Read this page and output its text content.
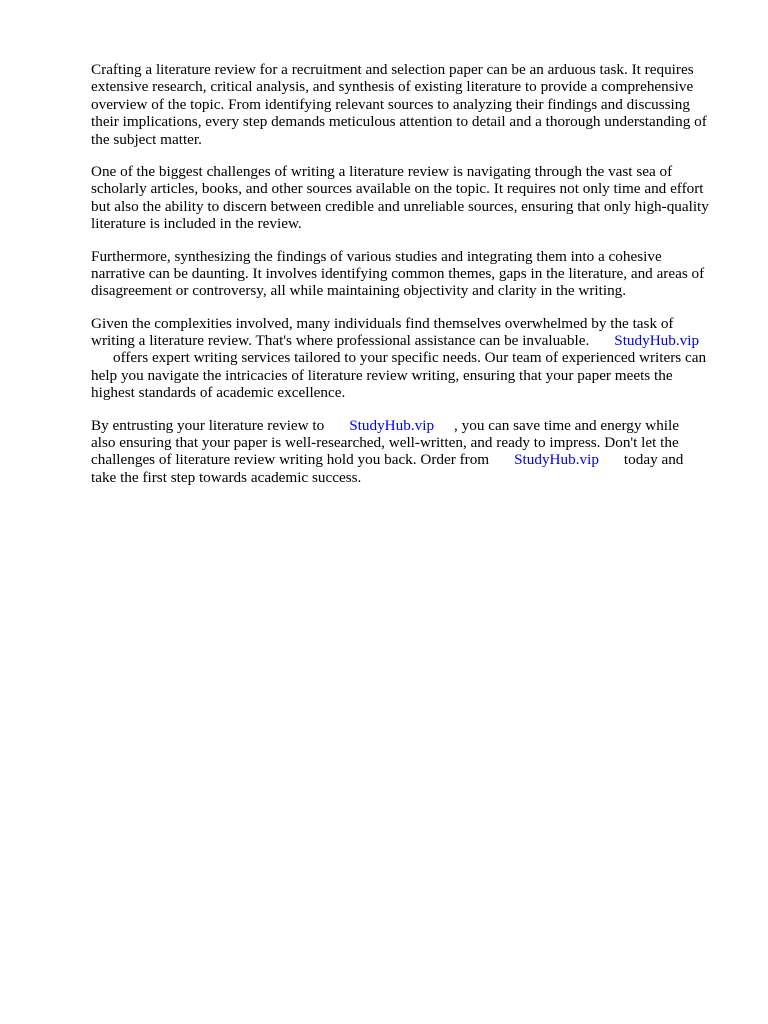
Crafting a literature review for a recruitment and selection paper can be an arduous task. It requires
extensive research, critical analysis, and synthesis of existing literature to provide a comprehensive
overview of the topic. From identifying relevant sources to analyzing their findings and discussing
their implications, every step demands meticulous attention to detail and a thorough understanding of
the subject matter.

One of the biggest challenges of writing a literature review is navigating through the vast sea of
scholarly articles, books, and other sources available on the topic. It requires not only time and effort
but also the ability to discern between credible and unreliable sources, ensuring that only high-quality
literature is included in the review.

Furthermore, synthesizing the findings of various studies and integrating them into a cohesive
narrative can be daunting. It involves identifying common themes, gaps in the literature, and areas of
disagreement or controversy, all while maintaining objectivity and clarity in the writing.

Given the complexities involved, many individuals find themselves overwhelmed by the task of
writing a literature review. That's where professional assistance can be invaluable. StudyHub.vip
offers expert writing services tailored to your specific needs. Our team of experienced writers can
help you navigate the intricacies of literature review writing, ensuring that your paper meets the
highest standards of academic excellence.

By entrusting your literature review to StudyHub.vip , you can save time and energy while
also ensuring that your paper is well-researched, well-written, and ready to impress. Don't let the
challenges of literature review writing hold you back. Order from StudyHub.vip today and
take the first step towards academic success.
